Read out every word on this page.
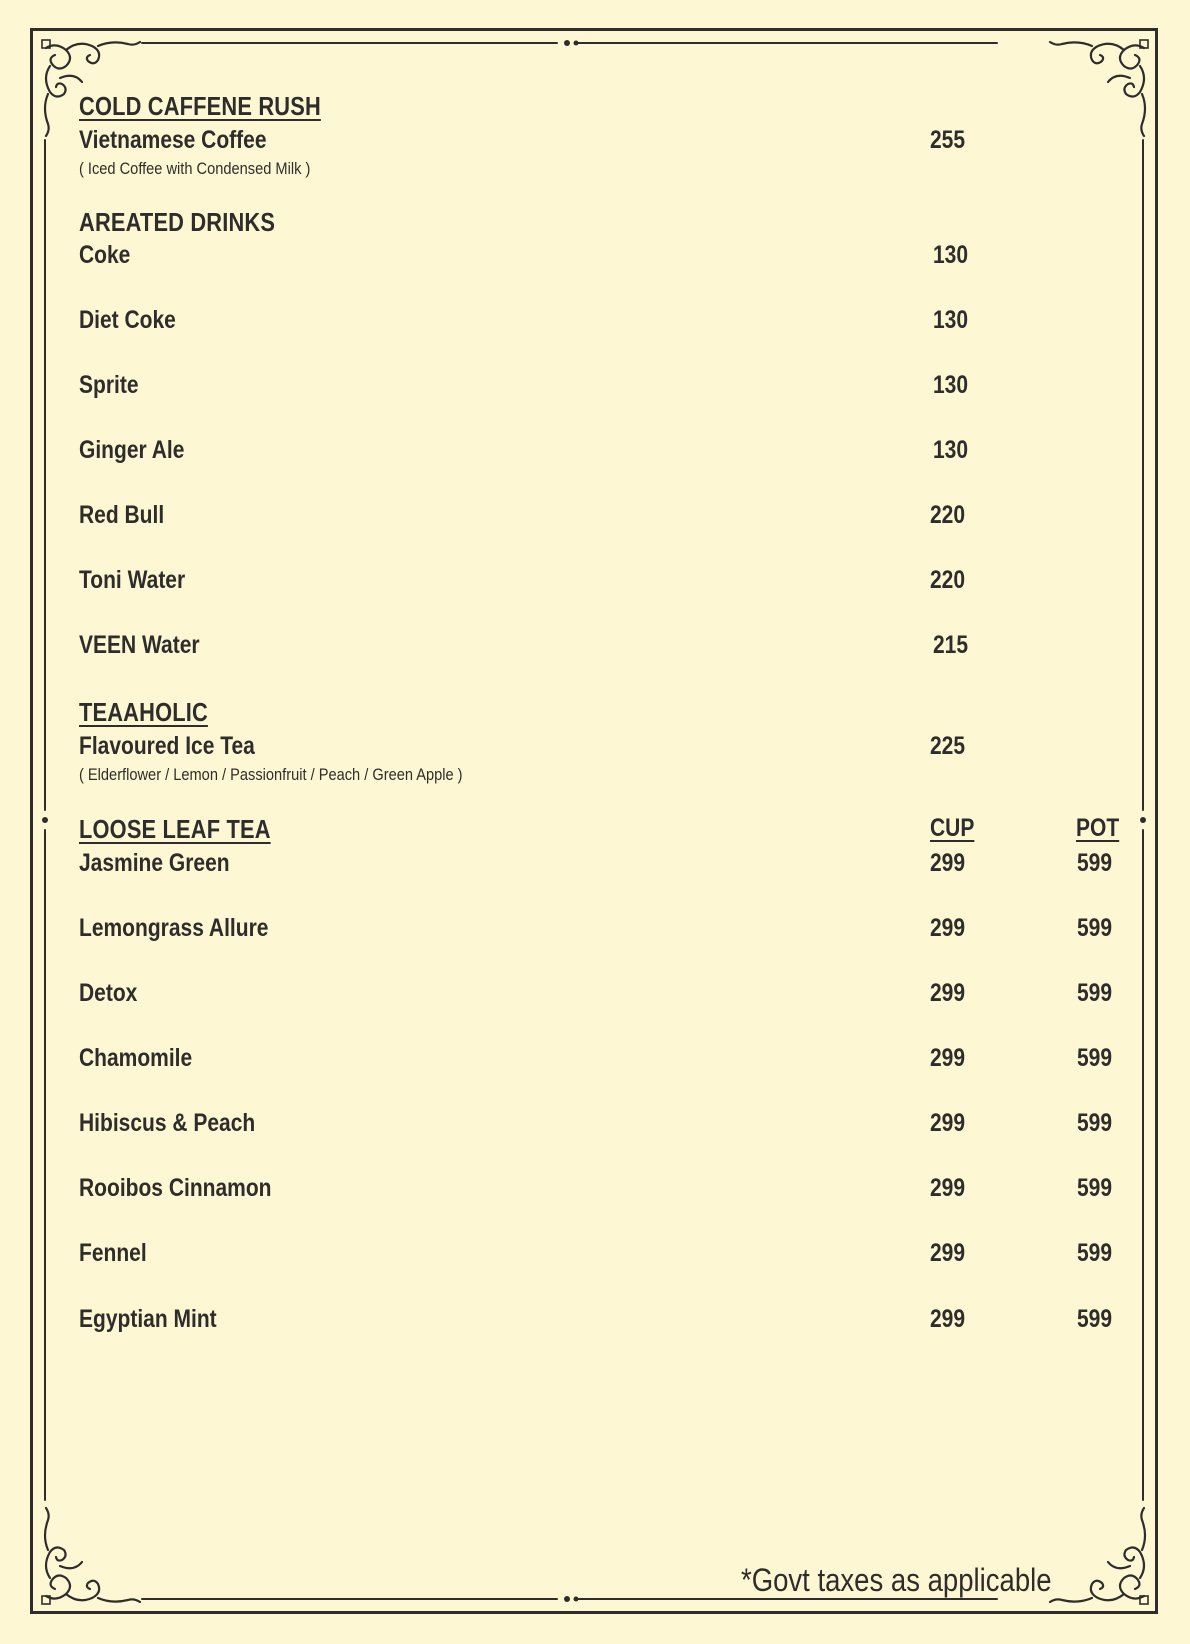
COLD CAFFENE RUSH
Vietnamese Coffee	255
( Iced Coffee with Condensed Milk )
AREATED DRINKS
Coke	130
Diet Coke	130
Sprite	130
Ginger Ale	130
Red Bull	220
Toni Water	220
VEEN Water	215
TEAAHOLIC
Flavoured Ice Tea	225
( Elderflower / Lemon / Passionfruit / Peach / Green Apple )
LOOSE LEAF TEA	CUP	POT
Jasmine Green	299	599
Lemongrass Allure	299	599
Detox	299	599
Chamomile	299	599
Hibiscus & Peach	299	599
Rooibos Cinnamon	299	599
Fennel	299	599
Egyptian Mint	299	599
*Govt taxes as applicable
